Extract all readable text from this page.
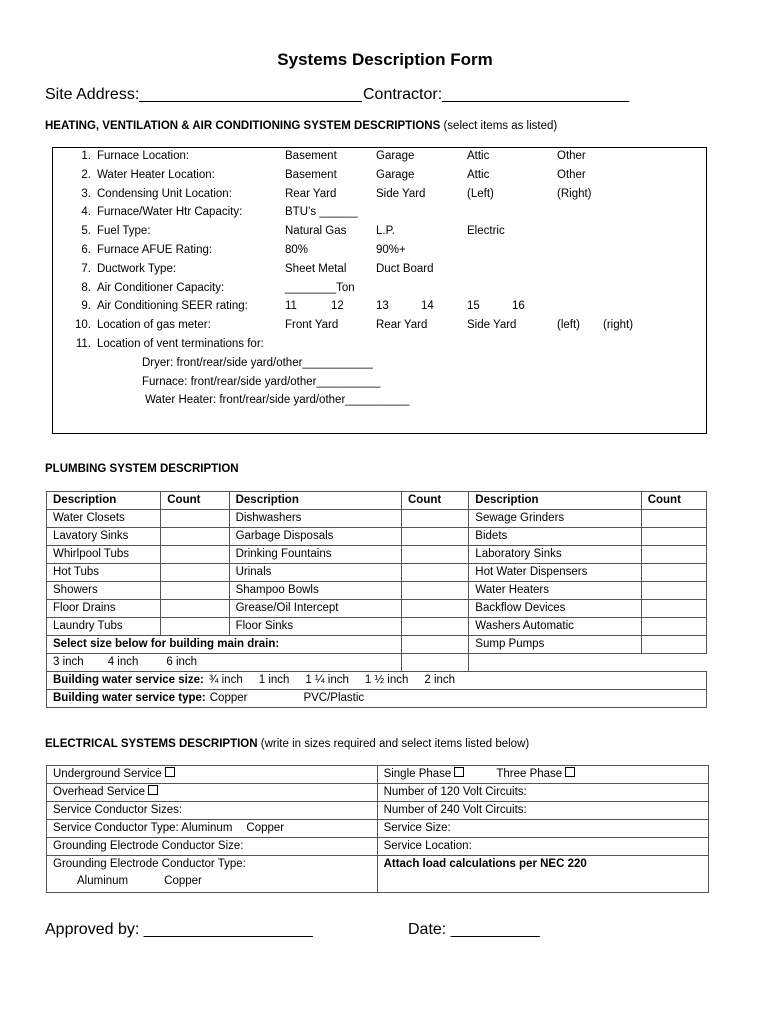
Systems Description Form
Site Address:_________________________ Contractor:_____________________
HEATING, VENTILATION & AIR CONDITIONING SYSTEM DESCRIPTIONS (select items as listed)
1. Furnace Location:	Basement	Garage	Attic	Other
2. Water Heater Location:	Basement	Garage	Attic	Other
3. Condensing Unit Location:	Rear Yard	Side Yard	(Left)	(Right)
4. Furnace/Water Htr Capacity:	BTU’s ______
5. Fuel Type:	Natural Gas	L.P.	Electric
6. Furnace AFUE Rating:	80%	90%+
7. Ductwork Type:	Sheet Metal	Duct Board
8. Air Conditioner Capacity:	________Ton
9. Air Conditioning SEER rating:	11	12	13	14	15	16
10. Location of gas meter:	Front Yard	Rear Yard	Side Yard	(left) (right)
11. Location of vent terminations for:
Dryer: front/rear/side yard/other___________
Furnace: front/rear/side yard/other__________
Water Heater: front/rear/side yard/other__________
PLUMBING SYSTEM DESCRIPTION
Description	Count	Description	Count	Description	Count
Water Closets		Dishwashers		Sewage Grinders	
Lavatory Sinks		Garbage Disposals		Bidets	
Whirlpool Tubs		Drinking Fountains		Laboratory Sinks	
Hot Tubs		Urinals		Hot Water Dispensers	
Showers		Shampoo Bowls		Water Heaters	
Floor Drains		Grease/Oil Intercept		Backflow Devices	
Laundry Tubs		Floor Sinks		Washers Automatic	
Select size below for building main drain:				Sump Pumps	
3 inch 4 inch 6 inch					
Building water service size: ¾ inch 1 inch 1 ¼ inch 1 ½ inch 2 inch					
Building water service type: Copper PVC/Plastic					
ELECTRICAL SYSTEMS DESCRIPTION (write in sizes required and select items listed below)
Underground Service	Single Phase Three Phase
Overhead Service	Number of 120 Volt Circuits:
Service Conductor Sizes:	Number of 240 Volt Circuits:
Service Conductor Type: Aluminum Copper	Service Size:
Grounding Electrode Conductor Size:	Service Location:

Grounding Electrode Conductor Type:
Aluminum Copper	Attach load calculations per NEC 220
Approved by: ___________________	Date: __________
